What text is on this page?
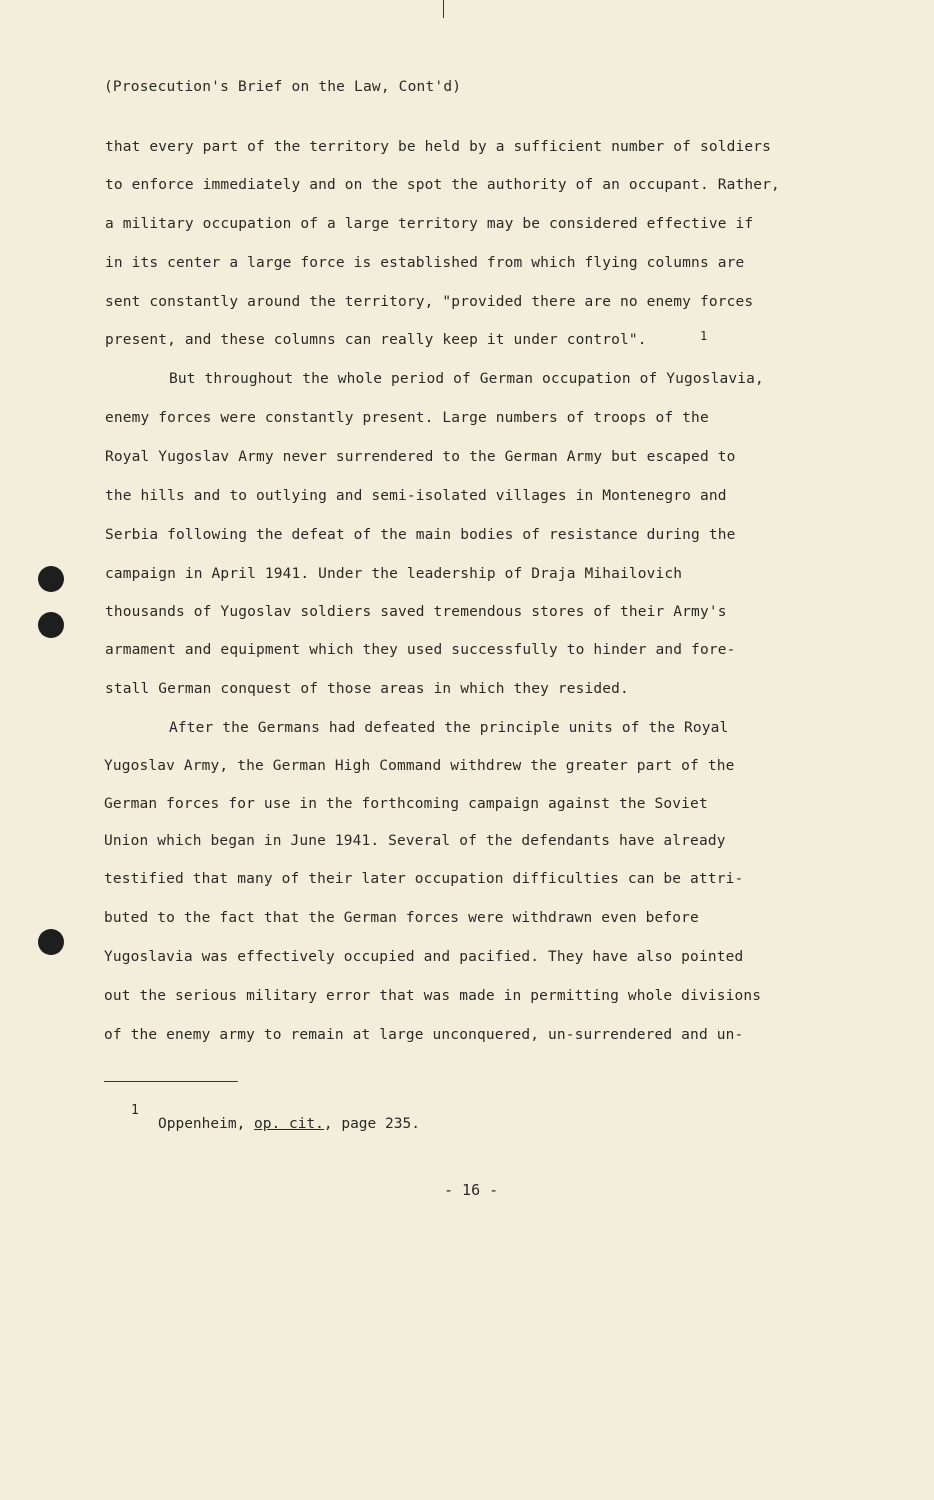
(Prosecution's Brief on the Law, Cont'd)
that every part of the territory be held by a sufficient number of soldiers
to enforce immediately and on the spot the authority of an occupant. Rather,
a military occupation of a large territory may be considered effective if
in its center a large force is established from which flying columns are
sent constantly around the territory, "provided there are no enemy forces
present, and these columns can really keep it under control".	1
But throughout the whole period of German occupation of Yugoslavia,
enemy forces were constantly present. Large numbers of troops of the
Royal Yugoslav Army never surrendered to the German Army but escaped to
the hills and to outlying and semi-isolated villages in Montenegro and
Serbia following the defeat of the main bodies of resistance during the
campaign in April 1941. Under the leadership of Draja Mihailovich
thousands of Yugoslav soldiers saved tremendous stores of their Army's
armament and equipment which they used successfully to hinder and fore-
stall German conquest of those areas in which they resided.
After the Germans had defeated the principle units of the Royal
Yugoslav Army, the German High Command withdrew the greater part of the
German forces for use in the forthcoming campaign against the Soviet
Union which began in June 1941. Several of the defendants have already
testified that many of their later occupation difficulties can be attri-
buted to the fact that the German forces were withdrawn even before
Yugoslavia was effectively occupied and pacified. They have also pointed
out the serious military error that was made in permitting whole divisions
of the enemy army to remain at large unconquered, un-surrendered and un-
1
Oppenheim, op. cit., page 235.
- 16 -
